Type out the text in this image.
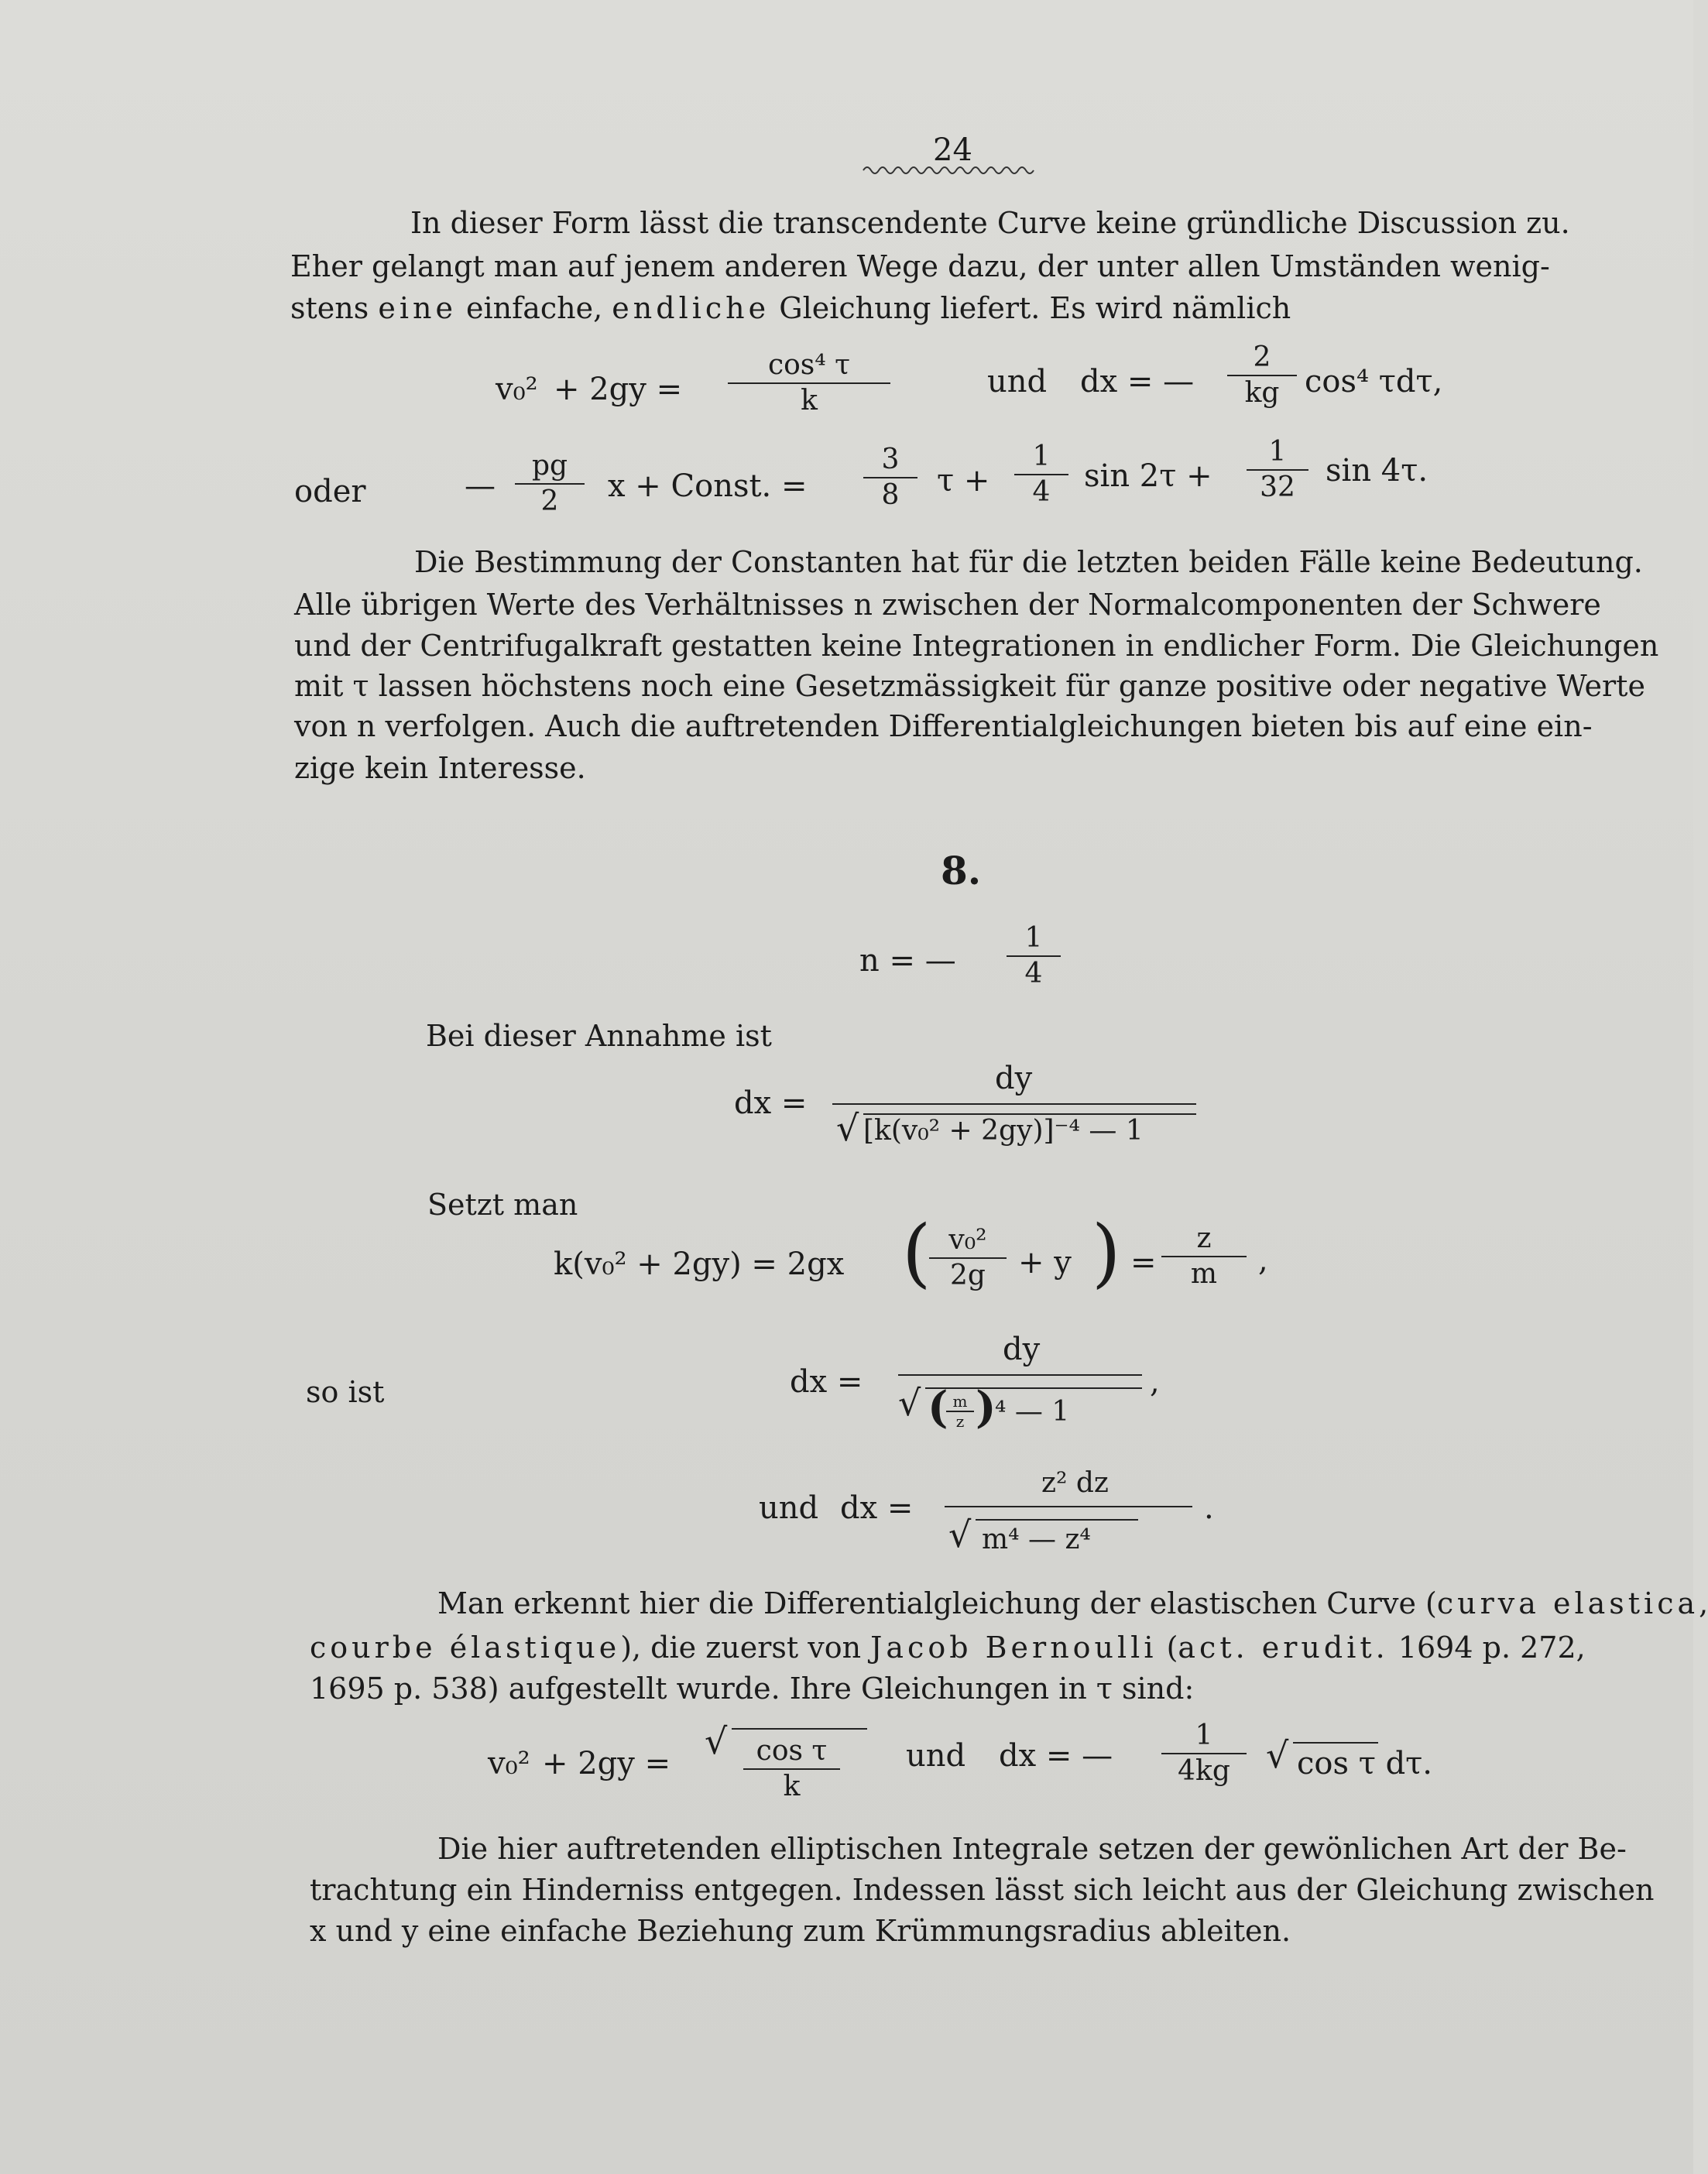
24
In dieser Form lässt die transcendente Curve keine gründliche Discussion zu.
Eher gelangt man auf jenem anderen Wege dazu, der unter allen Umständen wenig-
stens eine einfache, endliche Gleichung liefert. Es wird nämlich
$v_0^2 + 2gy = \frac{\text{cos⁴ τ}}{k}$	und dx = — $\frac{2}{kg} \cos^4$ τdτ,
oder	— $\frac{pg}{2}$ x + Const. = $\frac{3}{8}$ $\tau + \frac{1}{4}$ $\sin 2\tau + \frac{1}{32}$ sin 4τ.
Die Bestimmung der Constanten hat für die letzten beiden Fälle keine Bedeutung.
Alle übrigen Werte des Verhältnisses n zwischen der Normalcomponenten der Schwere
und der Centrifugalkraft gestatten keine Integrationen in endlicher Form. Die Gleichungen
mit τ lassen höchstens noch eine Gesetzmässigkeit für ganze positive oder negative Werte
von n verfolgen. Auch die auftretenden Differentialgleichungen bieten bis auf eine ein-
zige kein Interesse.
8.
n = — $\frac{1}{4}$
Bei dieser Annahme ist
dx =
dy
√ [k(v₀² + 2gy)]⁻⁴ — 1
Setzt man
k(v₀² + 2gy) = 2gx (
$\frac{\text{v₀²}}{2g} + y$ ) = $\frac{z}{m}$ ,
so ist	dx =
dy
√ (
$\frac{m}{z}$ )
⁴ — 1
,
und dx =
z² dz
√ m⁴ — z⁴
.
Man erkennt hier die Differentialgleichung der elastischen Curve (curva elastica,
courbe élastique), die zuerst von Jacob Bernoulli (act. erudit. 1694 p. 272,
1695 p. 538) aufgestellt wurde. Ihre Gleichungen in τ sind:
v₀² + 2gy =
√ $\frac{\text{cos τ}}{k}$ und dx = — $\frac{1}{4kg}$ √ cos τ dτ.
Die hier auftretenden elliptischen Integrale setzen der gewönlichen Art der Be-
trachtung ein Hinderniss entgegen. Indessen lässt sich leicht aus der Gleichung zwischen
x und y eine einfache Beziehung zum Krümmungsradius ableiten.
